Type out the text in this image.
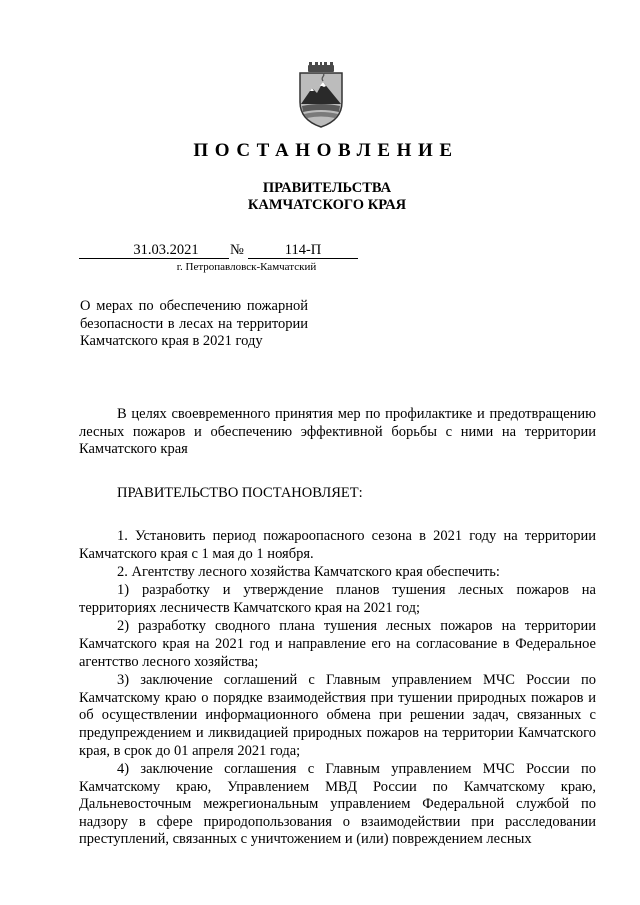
ПОСТАНОВЛЕНИЕ
ПРАВИТЕЛЬСТВА
КАМЧАТСКОГО КРАЯ
31.03.2021	№	114-П
г. Петропавловск-Камчатский
О мерах по обеспечению пожарной безопасности в лесах на территории Камчатского края в 2021 году

В целях своевременного принятия мер по профилактике и предотвращению лесных пожаров и обеспечению эффективной борьбы с ними на территории Камчатского края

ПРАВИТЕЛЬСТВО ПОСТАНОВЛЯЕТ:

1. Установить период пожароопасного сезона в 2021 году на территории Камчатского края с 1 мая до 1 ноября.

2. Агентству лесного хозяйства Камчатского края обеспечить:

1) разработку и утверждение планов тушения лесных пожаров на территориях лесничеств Камчатского края на 2021 год;

2) разработку сводного плана тушения лесных пожаров на территории Камчатского края на 2021 год и направление его на согласование в Федеральное агентство лесного хозяйства;

3) заключение соглашений с Главным управлением МЧС России по Камчатскому краю о порядке взаимодействия при тушении природных пожаров и об осуществлении информационного обмена при решении задач, связанных с предупреждением и ликвидацией природных пожаров на территории Камчатского края, в срок до 01 апреля 2021 года;

4) заключение соглашения с Главным управлением МЧС России по Камчатскому краю, Управлением МВД России по Камчатскому краю, Дальневосточным межрегиональным управлением Федеральной службой по надзору в сфере природопользования о взаимодействии при расследовании преступлений, связанных с уничтожением и (или) повреждением лесных
